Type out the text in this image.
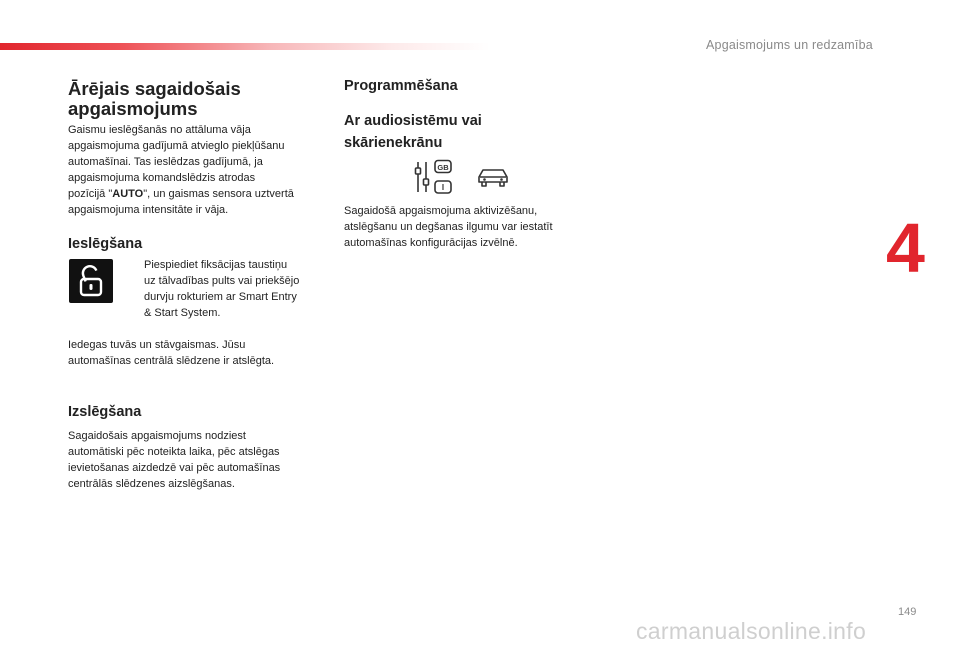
Apgaismojums un redzamība
4
Ārējais sagaidošais
apgaismojums

Gaismu ieslēgšanās no attāluma vāja
apgaismojuma gadījumā atvieglo piekļūšanu
automašīnai. Tas ieslēdzas gadījumā, ja
apgaismojuma komandslēdzis atrodas
pozīcijā "AUTO", un gaismas sensora uztvertā
apgaismojuma intensitāte ir vāja.

Ieslēgšana

Piespiediet fiksācijas taustiņu
uz tālvadības pults vai priekšējo
durvju rokturiem ar Smart Entry
& Start System.

Iedegas tuvās un stāvgaismas. Jūsu
automašīnas centrālā slēdzene ir atslēgta.

Izslēgšana

Sagaidošais apgaismojums nodziest
automātiski pēc noteikta laika, pēc atslēgas
ievietošanas aizdedzē vai pēc automašīnas
centrālās slēdzenes aizslēgšanas.

Programmēšana
Ar audiosistēmu vai
skārienekrānu
GB
I

Sagaidošā apgaismojuma aktivizēšanu,
atslēgšanu un degšanas ilgumu var iestatīt
automašīnas konfigurācijas izvēlnē.

149
carmanualsonline.info
